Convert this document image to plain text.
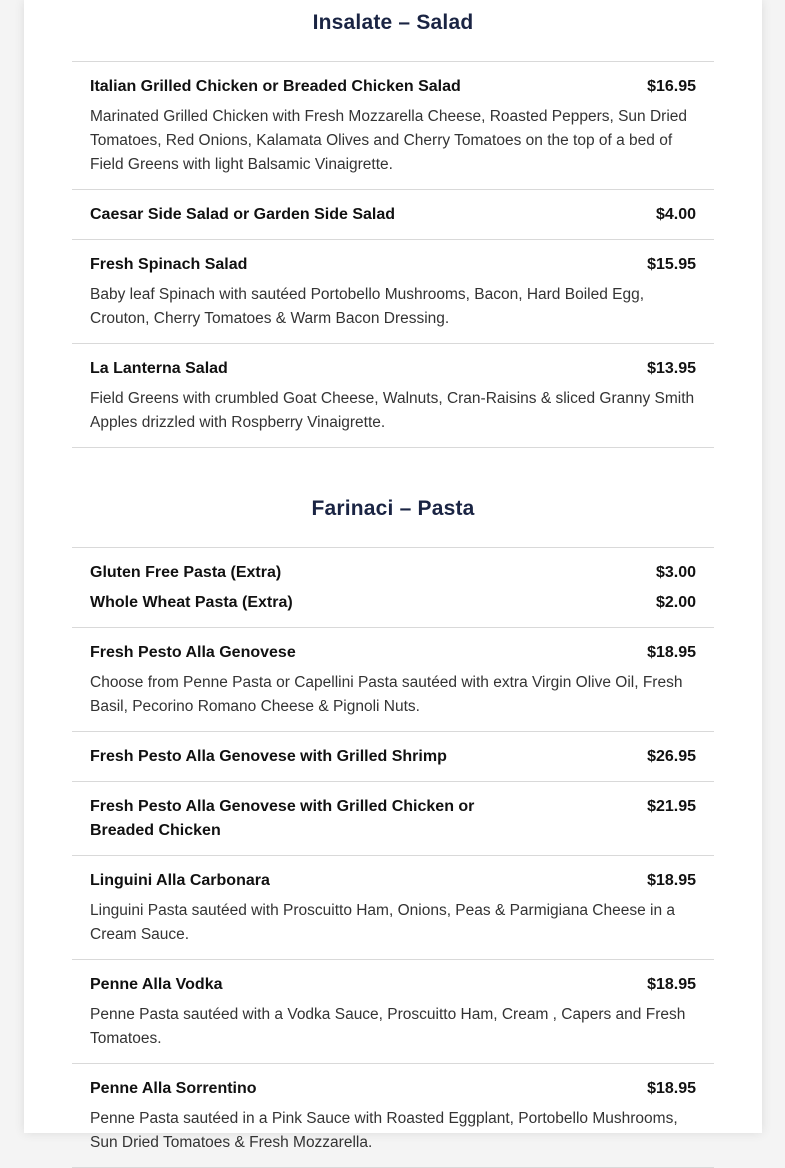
Insalate – Salad
Italian Grilled Chicken or Breaded Chicken Salad	$16.95
Marinated Grilled Chicken with Fresh Mozzarella Cheese, Roasted Peppers, Sun Dried Tomatoes, Red Onions, Kalamata Olives and Cherry Tomatoes on the top of a bed of Field Greens with light Balsamic Vinaigrette.
Caesar Side Salad or Garden Side Salad	$4.00
Fresh Spinach Salad	$15.95
Baby leaf Spinach with sautéed Portobello Mushrooms, Bacon, Hard Boiled Egg, Crouton, Cherry Tomatoes & Warm Bacon Dressing.
La Lanterna Salad	$13.95
Field Greens with crumbled Goat Cheese, Walnuts, Cran-Raisins & sliced Granny Smith Apples drizzled with Rospberry Vinaigrette.
Farinaci – Pasta
Gluten Free Pasta (Extra)	$3.00
Whole Wheat Pasta (Extra)	$2.00
Fresh Pesto Alla Genovese	$18.95
Choose from Penne Pasta or Capellini Pasta sautéed with extra Virgin Olive Oil, Fresh Basil, Pecorino Romano Cheese & Pignoli Nuts.
Fresh Pesto Alla Genovese with Grilled Shrimp	$26.95
Fresh Pesto Alla Genovese with Grilled Chicken or Breaded Chicken
$21.95
Linguini Alla Carbonara	$18.95
Linguini Pasta sautéed with Proscuitto Ham, Onions, Peas & Parmigiana Cheese in a Cream Sauce.
Penne Alla Vodka	$18.95
Penne Pasta sautéed with a Vodka Sauce, Proscuitto Ham, Cream , Capers and Fresh Tomatoes.
Penne Alla Sorrentino	$18.95
Penne Pasta sautéed in a Pink Sauce with Roasted Eggplant, Portobello Mushrooms, Sun Dried Tomatoes & Fresh Mozzarella.
